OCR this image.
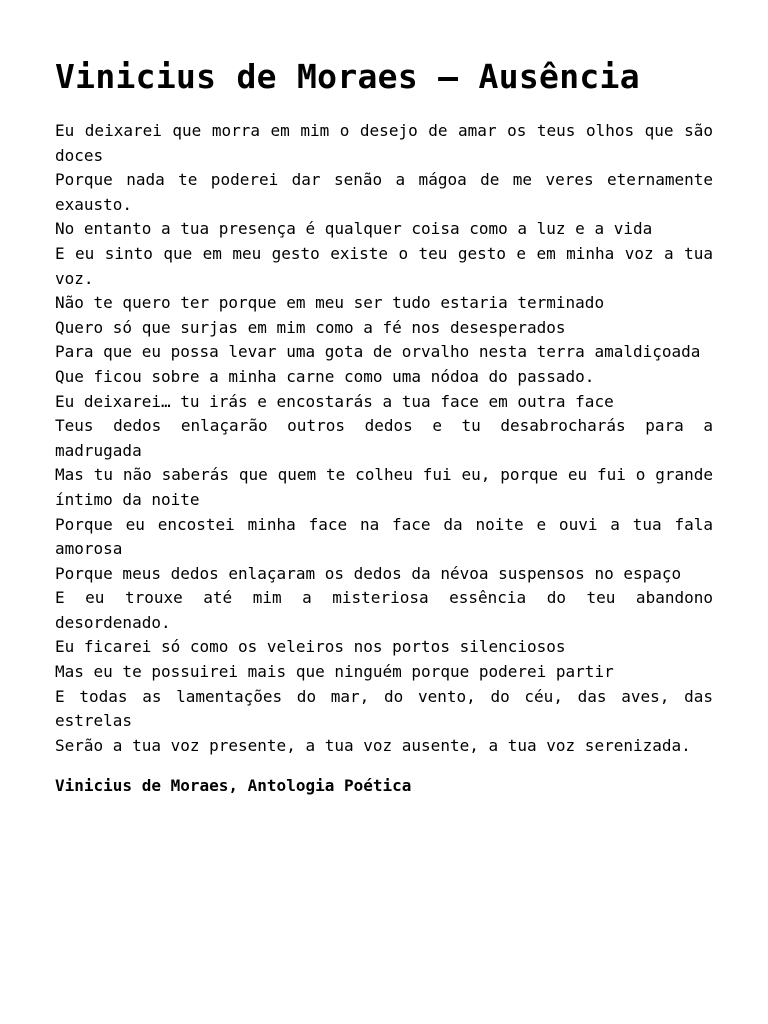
Vinicius de Moraes – Ausência

Eu deixarei que morra em mim o desejo de amar os teus olhos que são doces

Porque nada te poderei dar senão a mágoa de me veres eternamente exausto.

No entanto a tua presença é qualquer coisa como a luz e a vida

E eu sinto que em meu gesto existe o teu gesto e em minha voz a tua voz.

Não te quero ter porque em meu ser tudo estaria terminado

Quero só que surjas em mim como a fé nos desesperados

Para que eu possa levar uma gota de orvalho nesta terra amaldiçoada

Que ficou sobre a minha carne como uma nódoa do passado.

Eu deixarei… tu irás e encostarás a tua face em outra face

Teus dedos enlaçarão outros dedos e tu desabrocharás para a madrugada

Mas tu não saberás que quem te colheu fui eu, porque eu fui o grande íntimo da noite

Porque eu encostei minha face na face da noite e ouvi a tua fala amorosa

Porque meus dedos enlaçaram os dedos da névoa suspensos no espaço

E eu trouxe até mim a misteriosa essência do teu abandono desordenado.

Eu ficarei só como os veleiros nos portos silenciosos

Mas eu te possuirei mais que ninguém porque poderei partir

E todas as lamentações do mar, do vento, do céu, das aves, das estrelas

Serão a tua voz presente, a tua voz ausente, a tua voz serenizada.

Vinicius de Moraes, Antologia Poética
